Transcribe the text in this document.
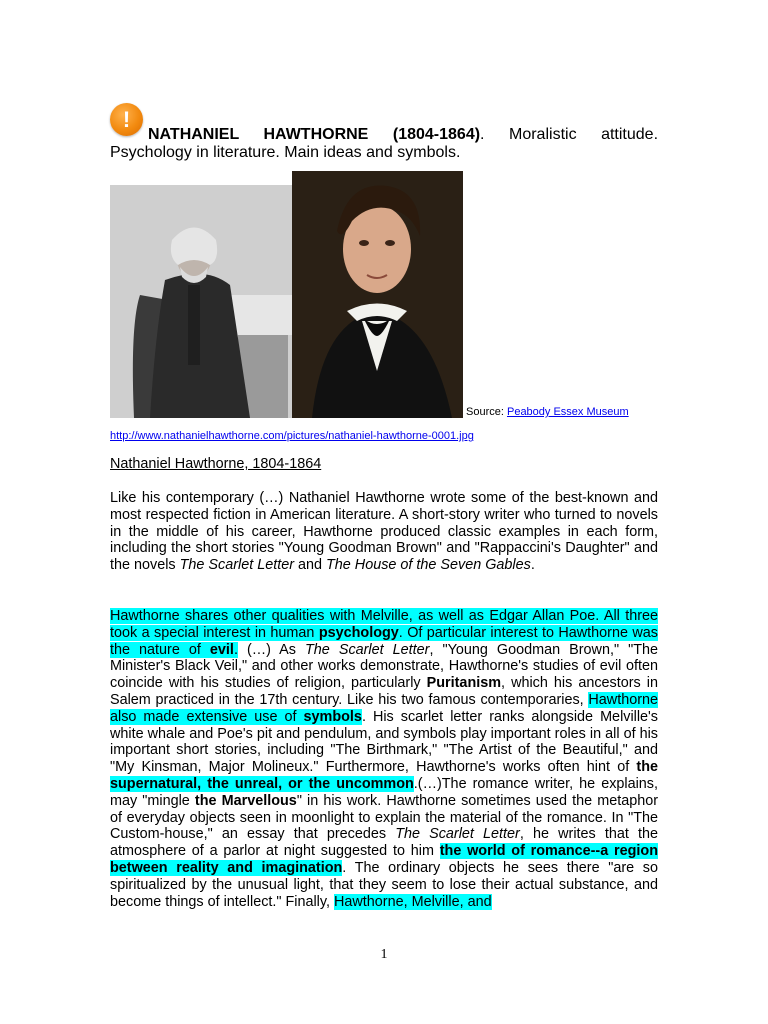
!
NATHANIEL HAWTHORNE (1804-1864). Moralistic attitude. Psychology in literature. Main ideas and symbols.
Source: Peabody Essex Museum
http://www.nathanielhawthorne.com/pictures/nathaniel-hawthorne-0001.jpg
Nathaniel Hawthorne, 1804-1864
Like his contemporary (…) Nathaniel Hawthorne wrote some of the best-known and most respected fiction in American literature. A short-story writer who turned to novels in the middle of his career, Hawthorne produced classic examples in each form, including the short stories "Young Goodman Brown" and "Rappaccini's Daughter" and the novels The Scarlet Letter and The House of the Seven Gables.
Hawthorne shares other qualities with Melville, as well as Edgar Allan Poe. All three took a special interest in human psychology. Of particular interest to Hawthorne was the nature of evil. (…) As The Scarlet Letter, "Young Goodman Brown," "The Minister's Black Veil," and other works demonstrate, Hawthorne's studies of evil often coincide with his studies of religion, particularly Puritanism, which his ancestors in Salem practiced in the 17th century. Like his two famous contemporaries, Hawthorne also made extensive use of symbols. His scarlet letter ranks alongside Melville's white whale and Poe's pit and pendulum, and symbols play important roles in all of his important short stories, including "The Birthmark," "The Artist of the Beautiful," and "My Kinsman, Major Molineux." Furthermore, Hawthorne's works often hint of the supernatural, the unreal, or the uncommon.(…)The romance writer, he explains, may "mingle the Marvellous" in his work. Hawthorne sometimes used the metaphor of everyday objects seen in moonlight to explain the material of the romance. In "The Custom-house," an essay that precedes The Scarlet Letter, he writes that the atmosphere of a parlor at night suggested to him the world of romance--a region between reality and imagination. The ordinary objects he sees there "are so spiritualized by the unusual light, that they seem to lose their actual substance, and become things of intellect." Finally, Hawthorne, Melville, and
1
